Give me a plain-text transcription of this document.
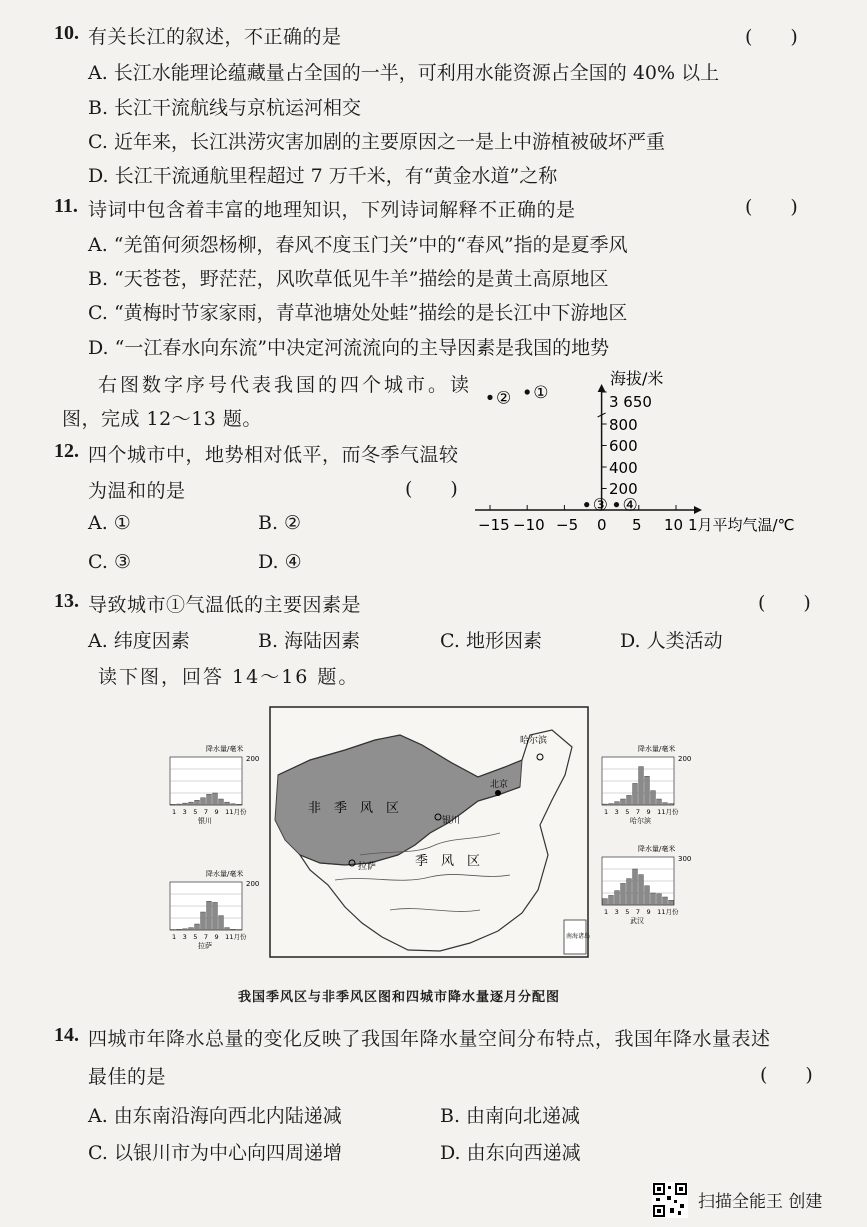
10. 有关长江的叙述，不正确的是	(　　)
A. 长江水能理论蕴藏量占全国的一半，可利用水能资源占全国的 40% 以上
B. 长江干流航线与京杭运河相交
C. 近年来，长江洪涝灾害加剧的主要原因之一是上中游植被破坏严重
D. 长江干流通航里程超过 7 万千米，有“黄金水道”之称
11. 诗词中包含着丰富的地理知识，下列诗词解释不正确的是	(　　)
A. “羌笛何须怨杨柳，春风不度玉门关”中的“春风”指的是夏季风
B. “天苍苍，野茫茫，风吹草低见牛羊”描绘的是黄土高原地区
C. “黄梅时节家家雨，青草池塘处处蛙”描绘的是长江中下游地区
D. “一江春水向东流”中决定河流流向的主导因素是我国的地势
右图数字序号代表我国的四个城市。读
图，完成 12～13 题。
12. 四个城市中，地势相对低平，而冬季气温较
为温和的是	(　　)
A. ①	B. ②
C. ③	D. ④
①
②
③ ④
海拔/米
1月平均气温/℃
−15 −10 −5 0 5 10
200
400
600
800
3 650
13. 导致城市①气温低的主要因素是	(　　)
A. 纬度因素	B. 海陆因素	C. 地形因素	D. 人类活动
读下图，回答 14～16 题。
南海诸岛
非　季　风　区
季　风　区
哈尔滨
北京
银川
拉萨
降水量/毫米
200
1　3　5　7　9　11月份
银川
降水量/毫米
200
1　3　5　7　9　11月份
哈尔滨
降水量/毫米
200
1　3　5　7　9　11月份
拉萨
降水量/毫米
300
1　3　5　7　9　11月份
武汉
我国季风区与非季风区图和四城市降水量逐月分配图
14. 四城市年降水总量的变化反映了我国年降水量空间分布特点，我国年降水量表述
最佳的是	(　　)
A. 由东南沿海向西北内陆递减	B. 由南向北递减
C. 以银川市为中心向四周递增	D. 由东向西递减
扫描全能王 创建
